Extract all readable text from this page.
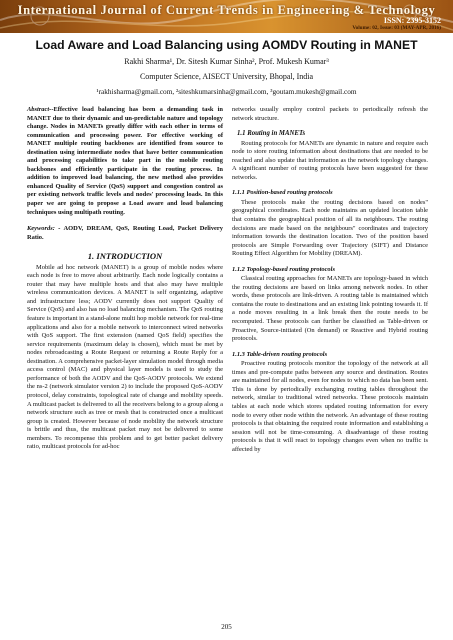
International Journal of Current Trends in Engineering & Technology
ISSN: 2395-3152
Volume: 02, Issue: 03 (MAY-APR, 2016)
Load Aware and Load Balancing using AOMDV Routing in MANET
Rakhi Sharma¹, Dr. Sitesh Kumar Sinha², Prof. Mukesh Kumar³
Computer Science, AISECT University, Bhopal, India
¹rakhisharma@gmail.com, ²siteshkumarsinha@gmail.com, ³goutam.mukesh@gmail.com

Abstract--Effective load balancing has been a demanding task in MANET due to their dynamic and un-predictable nature and topology change. Nodes in MANETs greatly differ with each other in terms of communication and processing power. For effective working of MANET multiple routing backbones are identified from source to destination using intermediate nodes that have better communication and processing capabilities to take part in the mobile routing backbones and efficiently participate in the routing process. In addition to improved load balancing, the new method also provides enhanced Quality of Service (QoS) support and congestion control as per existing network traffic levels and nodes' processing loads. In this paper we are going to propose a Load aware and load balancing techniques using multipath routing.

Keywords: - AODV, DREAM, QoS, Routing Load, Packet Delivery Ratio.

1. INTRODUCTION

Mobile ad hoc network (MANET) is a group of mobile nodes where each node is free to move about arbitrarily. Each node logically contains a router that may have multiple hosts and that also may have multiple wireless communication devices. A MANET is self organizing, adaptive and infrastructure less; AODV currently does not support Quality of Service (QoS) and also has no load balancing mechanism. The QoS routing feature is important in a stand-alone multi hop mobile network for real-time applications and also for a mobile network to interconnect wired networks with QoS support. The first extension (named QoS field) specifies the service requirements (maximum delay is chosen), which must be met by nodes rebroadcasting a Route Request or returning a Route Reply for a destination. A comprehensive packet-layer simulation model through media access control (MAC) and physical layer models is used to study the performance of both the AODV and the QoS-AODV protocols. We extend the ns-2 (network simulator version 2) to include the proposed QoS-AODV protocol, delay constraints, topological rate of change and mobility speeds. A multicast packet is delivered to all the receivers belong to a group along a network structure such as tree or mesh that is constructed once a multicast group is created. However because of node mobility the network structure is brittle and thus, the multicast packet may not be delivered to some members. To recompense this problem and to get better packet delivery ratio, multicast protocols for ad-hoc

networks usually employ control packets to periodically refresh the network structure.

1.1 Routing in MANETs

Routing protocols for MANETs are dynamic in nature and require each node to store routing information about destinations that are needed to be reached and also update that information as the network topology changes. A significant number of routing protocols have been suggested for these networks.

1.1.1 Position-based routing protocols

These protocols make the routing decisions based on nodes" geographical coordinates. Each node maintains an updated location table that contains the geographical position of all its neighbours. The routing decisions are made based on the neighbours" coordinates and trajectory information towards the destination location. Two of the position based protocols are Simple Forwarding over Trajectory (SIFT) and Distance Routing Effect Algorithm for Mobility (DREAM).

1.1.2 Topology-based routing protocols

Classical routing approaches for MANETs are topology-based in which the routing decisions are based on links among network nodes. In other words, these protocols are link-driven. A routing table is maintained which contains the route to destinations and an existing link pointing towards it. If a node moves resulting in a link break then the route needs to be recomputed. These protocols can further be classified as Table-driven or Proactive, Source-initiated (On demand) or Reactive and Hybrid routing protocols.

1.1.3 Table-driven routing protocols

Proactive routing protocols monitor the topology of the network at all times and pre-compute paths between any source and destination. Routes are maintained for all nodes, even for nodes to which no data has been sent. This is done by periodically exchanging routing tables throughout the network, similar to traditional wired networks. These protocols maintain tables at each node which stores updated routing information for every node to every other node within the network. An advantage of these routing protocols is that obtaining the required route information and establishing a session will not be time-consuming. A disadvantage of these routing protocols is that it will react to topology changes even when no traffic is affected by

205
